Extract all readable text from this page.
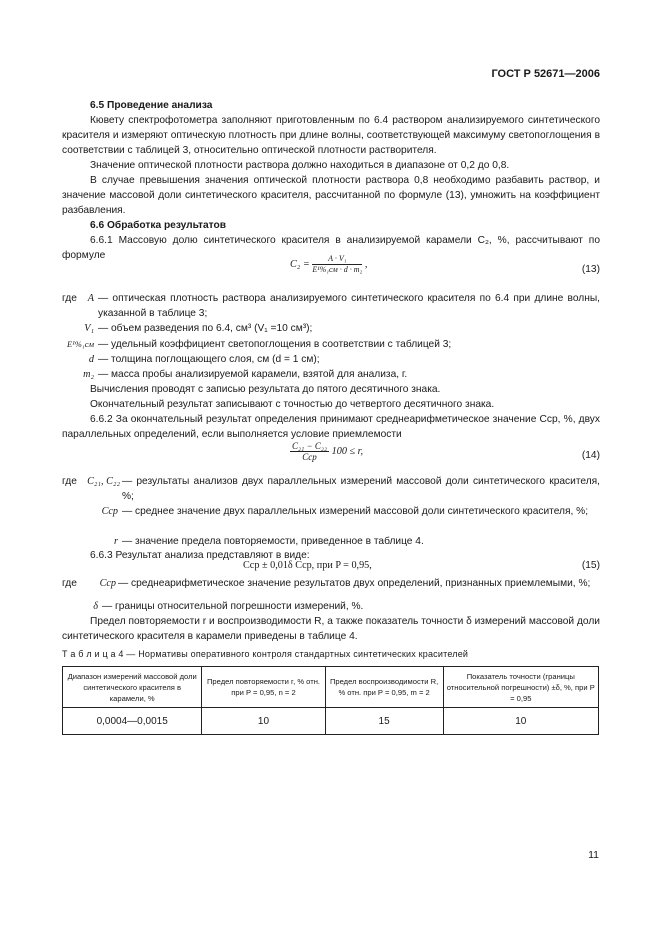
ГОСТ Р 52671—2006
6.5 Проведение анализа
Кювету спектрофотометра заполняют приготовленным по 6.4 раствором анализируемого синтетического красителя и измеряют оптическую плотность при длине волны, соответствующей максимуму светопоглощения в соответствии с таблицей 3, относительно оптической плотности растворителя.
Значение оптической плотности раствора должно находиться в диапазоне от 0,2 до 0,8.
В случае превышения значения оптической плотности раствора 0,8 необходимо разбавить раствор, и значение массовой доли синтетического красителя, рассчитанной по формуле (13), умножить на коэффициент разбавления.
6.6 Обработка результатов
6.6.1 Массовую долю синтетического красителя в анализируемой карамели C₂, %, рассчитывают по формуле
$C_2 = \frac{\text{A · V₁}}{\text{E¹\%₁см · d · m₂}}$ ,	(13)
где	A — оптическая плотность раствора анализируемого синтетического красителя по 6.4 при длине волны, указанной в таблице 3;
V₁ — объем разведения по 6.4, см³ (V₁ =10 см³);
E¹%₁см — удельный коэффициент светопоглощения в соответствии с таблицей 3;
d — толщина поглощающего слоя, см (d = 1 см);
m₂ — масса пробы анализируемой карамели, взятой для анализа, г.
Вычисления проводят с записью результата до пятого десятичного знака.
Окончательный результат записывают с точностью до четвертого десятичного знака.
6.6.2 За окончательный результат определения принимают среднеарифметическое значение Cср, %, двух параллельных определений, если выполняется условие приемлемости
$\frac{\text{C₂₁ − C₂₂}}{\text{Cср}} 100 \le r$,	(14)
где	C₂₁, C₂₂ — результаты анализов двух параллельных измерений массовой доли синтетического красителя, %;
Cср — среднее значение двух параллельных измерений массовой доли синтетического красителя, %;
r — значение предела повторяемости, приведенное в таблице 4.
6.6.3 Результат анализа представляют в виде:
Cср ± 0,01δ Cср, при P = 0,95,	(15)
где	Cср — среднеарифметическое значение результатов двух определений, признанных приемлемыми, %;
δ — границы относительной погрешности измерений, %.
Предел повторяемости r и воспроизводимости R, а также показатель точности δ измерений массовой доли синтетического красителя в карамели приведены в таблице 4.
Т а б л и ц а 4 — Нормативы оперативного контроля стандартных синтетических красителей
Диапазон измерений массовой доли синтетического красителя в карамели, %	Предел повторяемости r, % отн. при P = 0,95, n = 2	Предел воспроизводимости R, % отн. при P = 0,95, m = 2	Показатель точности (границы относительной погрешности) ±δ, %, при P = 0,95
0,0004—0,0015	10	15	10
11
